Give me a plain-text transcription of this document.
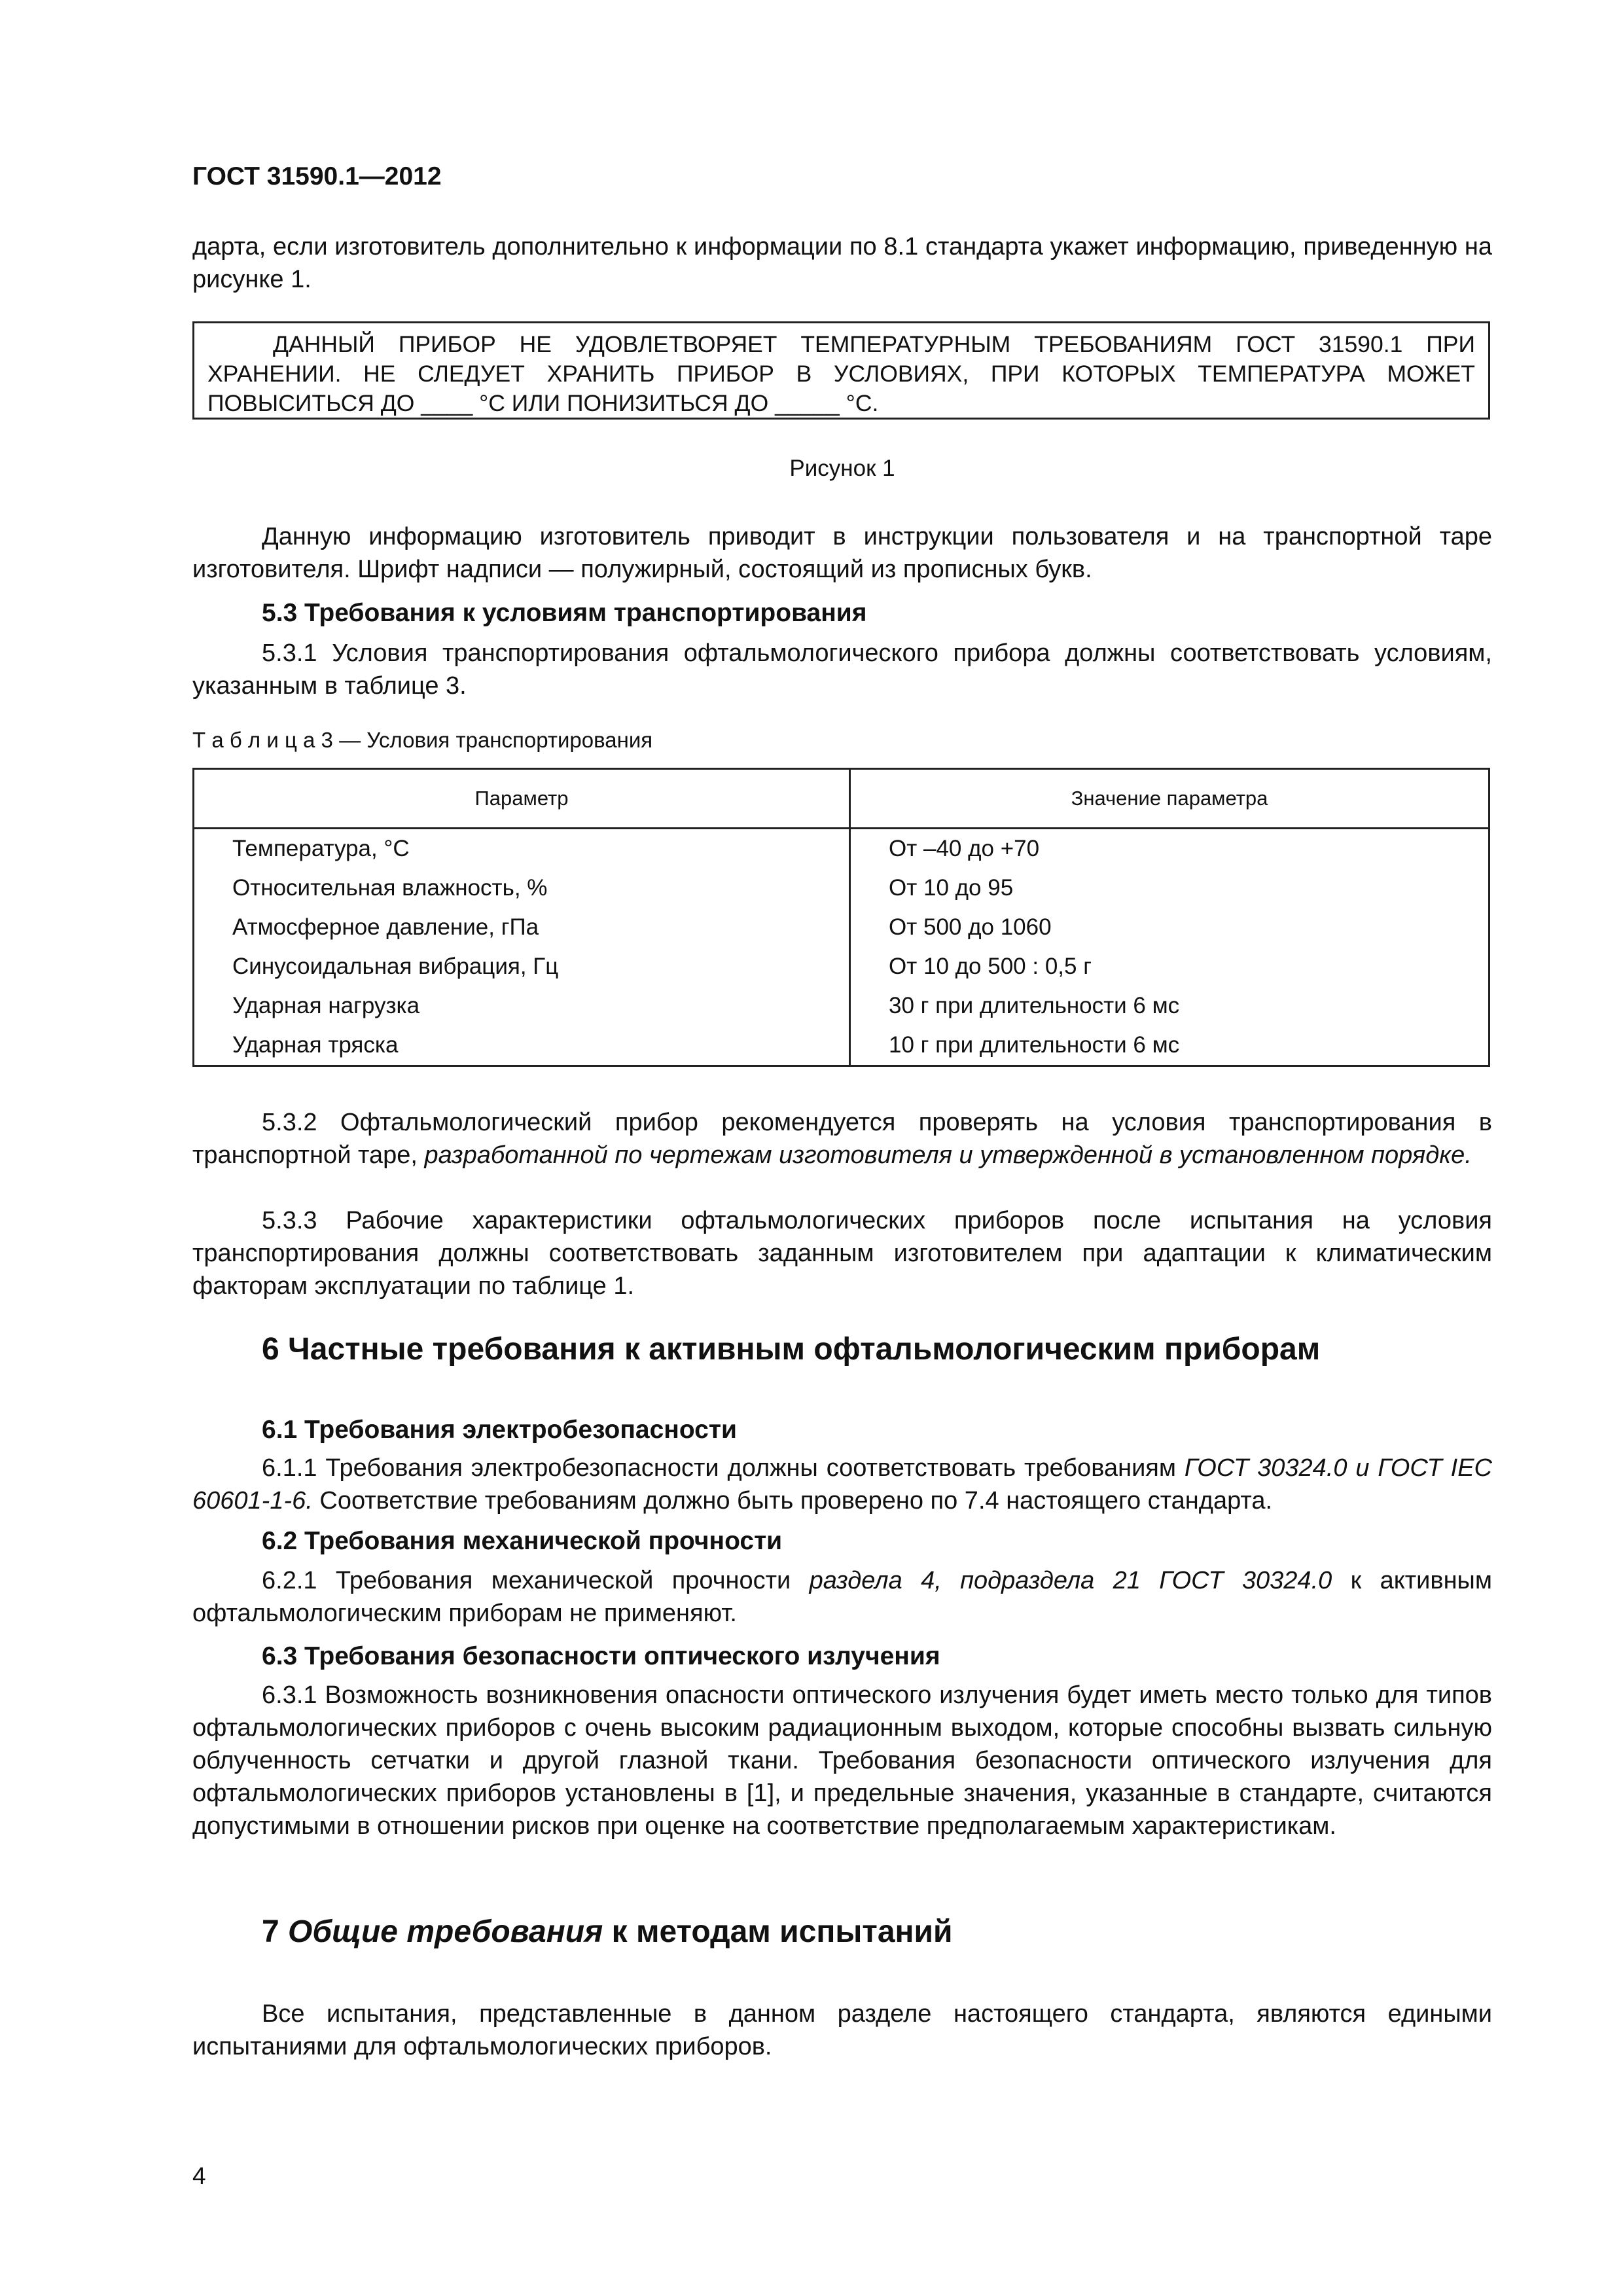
ГОСТ 31590.1—2012

дарта, если изготовитель дополнительно к информации по 8.1 стандарта укажет информацию, приведенную на рисунке 1.

ДАННЫЙ ПРИБОР НЕ УДОВЛЕТВОРЯЕТ ТЕМПЕРАТУРНЫМ ТРЕБОВАНИЯМ ГОСТ 31590.1 ПРИ ХРАНЕНИИ. НЕ СЛЕДУЕТ ХРАНИТЬ ПРИБОР В УСЛОВИЯХ, ПРИ КОТОРЫХ ТЕМПЕРАТУРА МОЖЕТ ПОВЫСИТЬСЯ ДО ____ °С ИЛИ ПОНИЗИТЬСЯ ДО _____ °С.
Рисунок 1

Данную информацию изготовитель приводит в инструкции пользователя и на транспортной таре изготовителя. Шрифт надписи — полужирный, состоящий из прописных букв.

5.3 Требования к условиям транспортирования

5.3.1 Условия транспортирования офтальмологического прибора должны соответствовать условиям, указанным в таблице 3.

Т а б л и ц а 3 — Условия транспортирования
Параметр	Значение параметра
Температура, °С	От –40 до +70
Относительная влажность, %	От 10 до 95
Атмосферное давление, гПа	От 500 до 1060
Синусоидальная вибрация, Гц	От 10 до 500 : 0,5 г
Ударная нагрузка	30 г при длительности 6 мс
Ударная тряска	10 г при длительности 6 мс

5.3.2 Офтальмологический прибор рекомендуется проверять на условия транспортирования в транспортной таре, разработанной по чертежам изготовителя и утвержденной в установленном порядке.

5.3.3 Рабочие характеристики офтальмологических приборов после испытания на условия транспортирования должны соответствовать заданным изготовителем при адаптации к климатическим факторам эксплуатации по таблице 1.

6 Частные требования к активным офтальмологическим приборам
6.1 Требования электробезопасности

6.1.1 Требования электробезопасности должны соответствовать требованиям ГОСТ 30324.0 и ГОСТ IEC 60601-1-6. Соответствие требованиям должно быть проверено по 7.4 настоящего стандарта.

6.2 Требования механической прочности

6.2.1 Требования механической прочности раздела 4, подраздела 21 ГОСТ 30324.0 к активным офтальмологическим приборам не применяют.

6.3 Требования безопасности оптического излучения

6.3.1 Возможность возникновения опасности оптического излучения будет иметь место только для типов офтальмологических приборов с очень высоким радиационным выходом, которые способны вызвать сильную облученность сетчатки и другой глазной ткани. Требования безопасности оптического излучения для офтальмологических приборов установлены в [1], и предельные значения, указанные в стандарте, считаются допустимыми в отношении рисков при оценке на соответствие предполагаемым характеристикам.

7 Общие требования к методам испытаний

Все испытания, представленные в данном разделе настоящего стандарта, являются едиными испытаниями для офтальмологических приборов.

4
